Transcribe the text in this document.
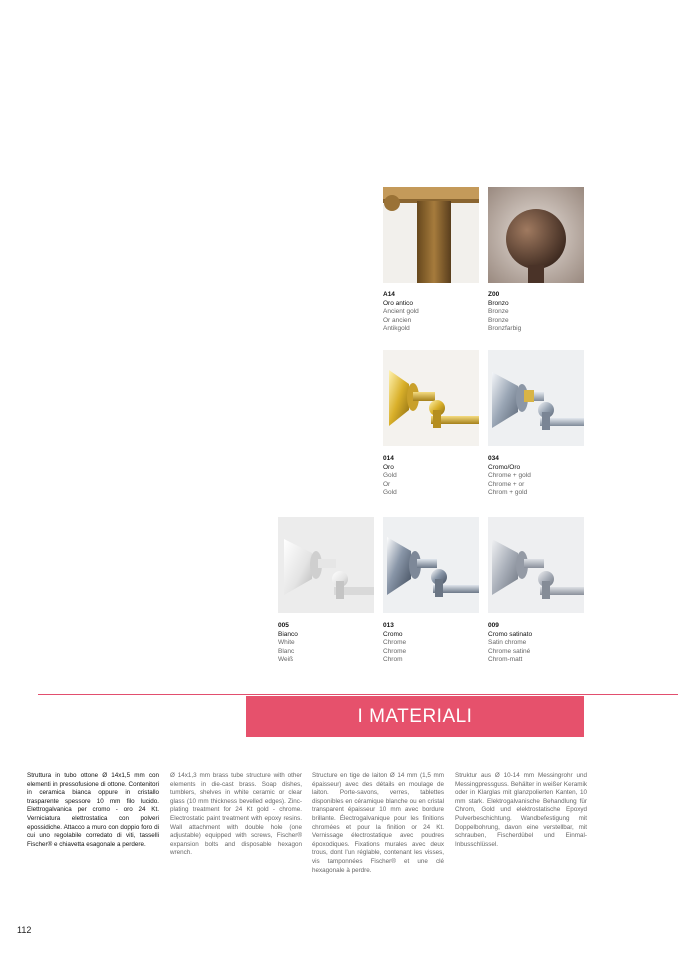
A14
Oro antico
Ancient gold
Or ancien
Antikgold
Z00
Bronzo
Bronze
Bronze
Bronzfarbig
014
Oro
Gold
Or
Gold
034
Cromo/Oro
Chrome + gold
Chrome + or
Chrom + gold
005
Bianco
White
Blanc
Weiß
013
Cromo
Chrome
Chrome
Chrom
009
Cromo satinato
Satin chrome
Chrome satiné
Chrom-matt
I MATERIALI
Struttura in tubo ottone Ø 14x1,5 mm con elementi in pressofusione di ottone. Contenitori in ceramica bianca oppure in cristallo trasparente spessore 10 mm filo lucido. Elettrogalvanica per cromo - oro 24 Kt. Verniciatura elettrostatica con polveri epossidiche. Attacco a muro con doppio foro di cui uno regolabile corredato di viti, tasselli Fischer® e chiavetta esagonale a perdere.
Ø 14x1,3 mm brass tube structure with other elements in die-cast brass. Soap dishes, tumblers, shelves in white ceramic or clear glass (10 mm thickness bevelled edges). Zinc-plating treatment for 24 Kt gold - chrome. Electrostatic paint treatment with epoxy resins. Wall attachment with double hole (one adjustable) equipped with screws, Fischer® expansion bolts and disposable hexagon wrench.
Structure en tige de laiton Ø 14 mm (1,5 mm épaisseur) avec des détails en moulage de laiton. Porte-savons, verres, tablettes disponibles en céramique blanche ou en cristal transparent épaisseur 10 mm avec bordure brillante. Électrogalvanique pour les finitions chromées et pour la finition or 24 Kt. Vernissage électrostatique avec poudres époxodiques. Fixations murales avec deux trous, dont l'un réglable, contenant les visses, vis tamponnées Fischer® et une clé hexagonale à perdre.
Struktur aus Ø 10-14 mm Messingrohr und Messingpressguss. Behälter in weißer Keramik oder in Klarglas mit glanzpolierten Kanten, 10 mm stark. Elektrogalvanische Behandlung für Chrom, Gold und elektrostatische Epoxyd Pulverbeschichtung. Wandbefestigung mit Doppelbohrung, davon eine verstellbar, mit schrauben, Fischerdübel und Einmal- Inbusschlüssel.
112
